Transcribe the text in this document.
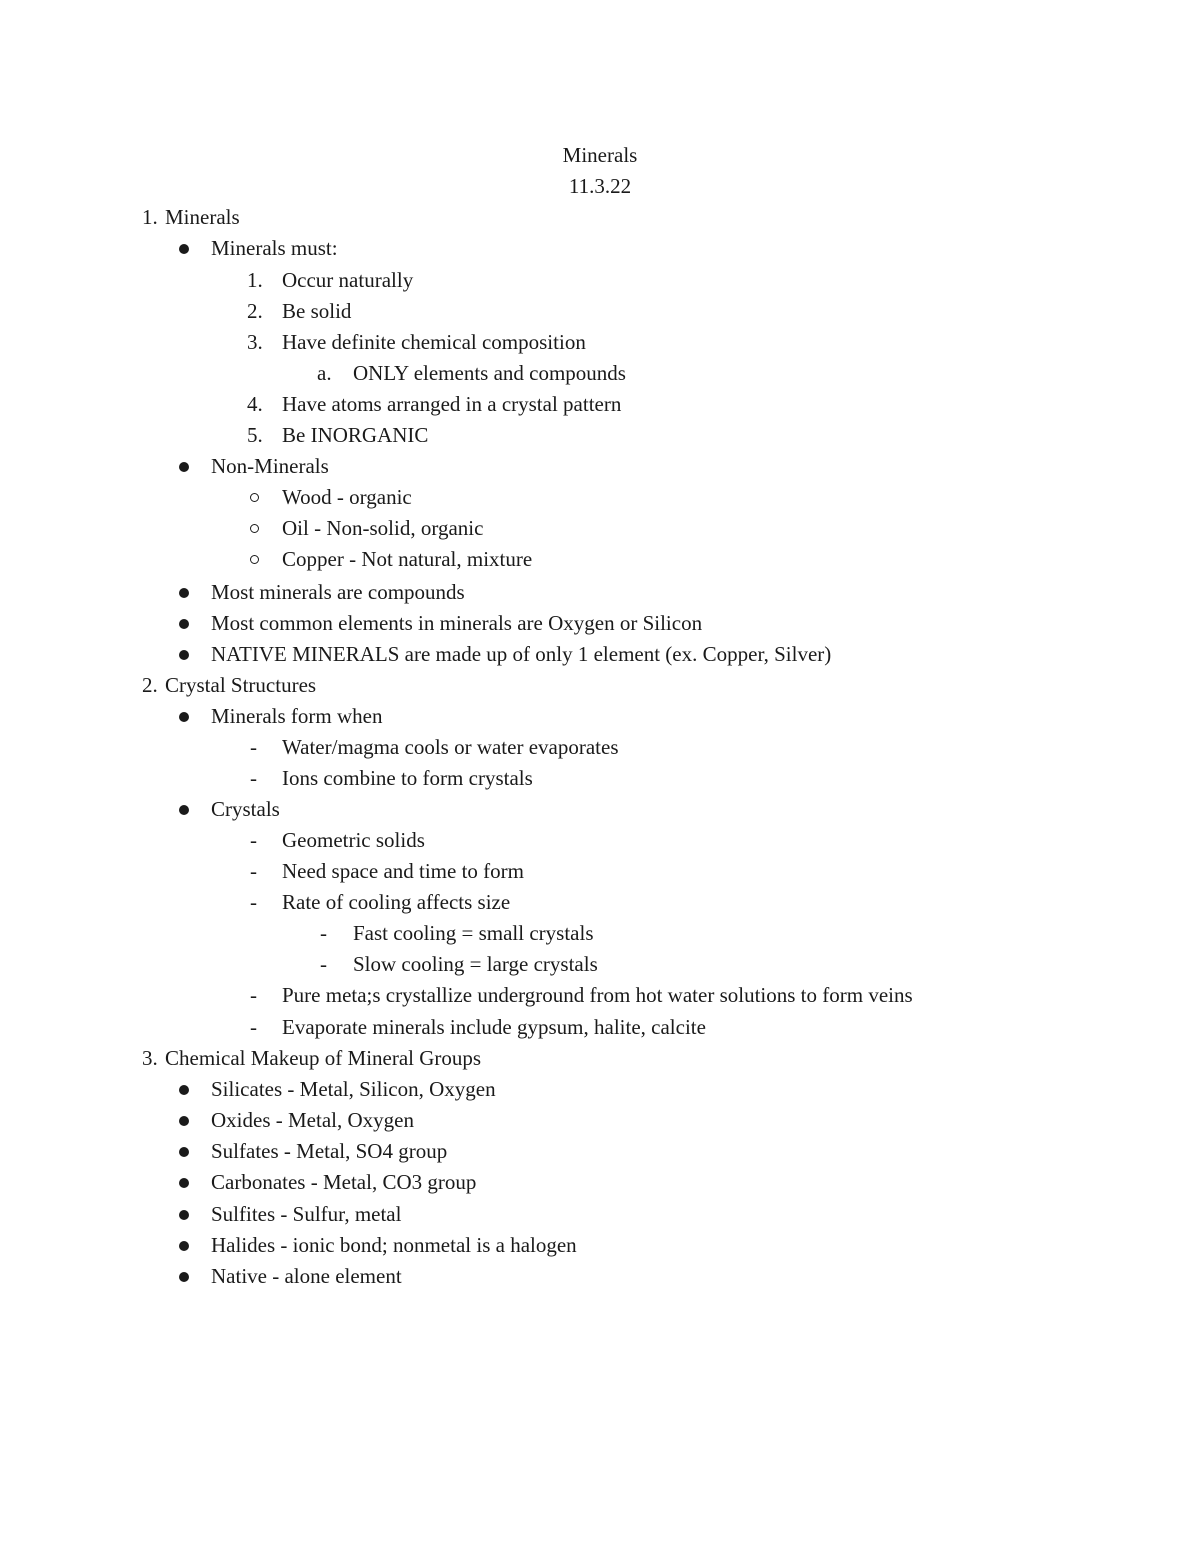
Minerals
11.3.22
1. Minerals
Minerals must:
1. Occur naturally
2. Be solid
3. Have definite chemical composition
a. ONLY elements and compounds
4. Have atoms arranged in a crystal pattern
5. Be INORGANIC
Non-Minerals
Wood - organic
Oil - Non-solid, organic
Copper - Not natural, mixture
Most minerals are compounds
Most common elements in minerals are Oxygen or Silicon
NATIVE MINERALS are made up of only 1 element (ex. Copper, Silver)
2. Crystal Structures
Minerals form when
- Water/magma cools or water evaporates
- Ions combine to form crystals
Crystals
- Geometric solids
- Need space and time to form
- Rate of cooling affects size
- Fast cooling = small crystals
- Slow cooling = large crystals
- Pure meta;s crystallize underground from hot water solutions to form veins
- Evaporate minerals include gypsum, halite, calcite
3. Chemical Makeup of Mineral Groups
Silicates - Metal, Silicon, Oxygen
Oxides - Metal, Oxygen
Sulfates - Metal, SO4 group
Carbonates - Metal, CO3 group
Sulfites - Sulfur, metal
Halides - ionic bond; nonmetal is a halogen
Native - alone element
